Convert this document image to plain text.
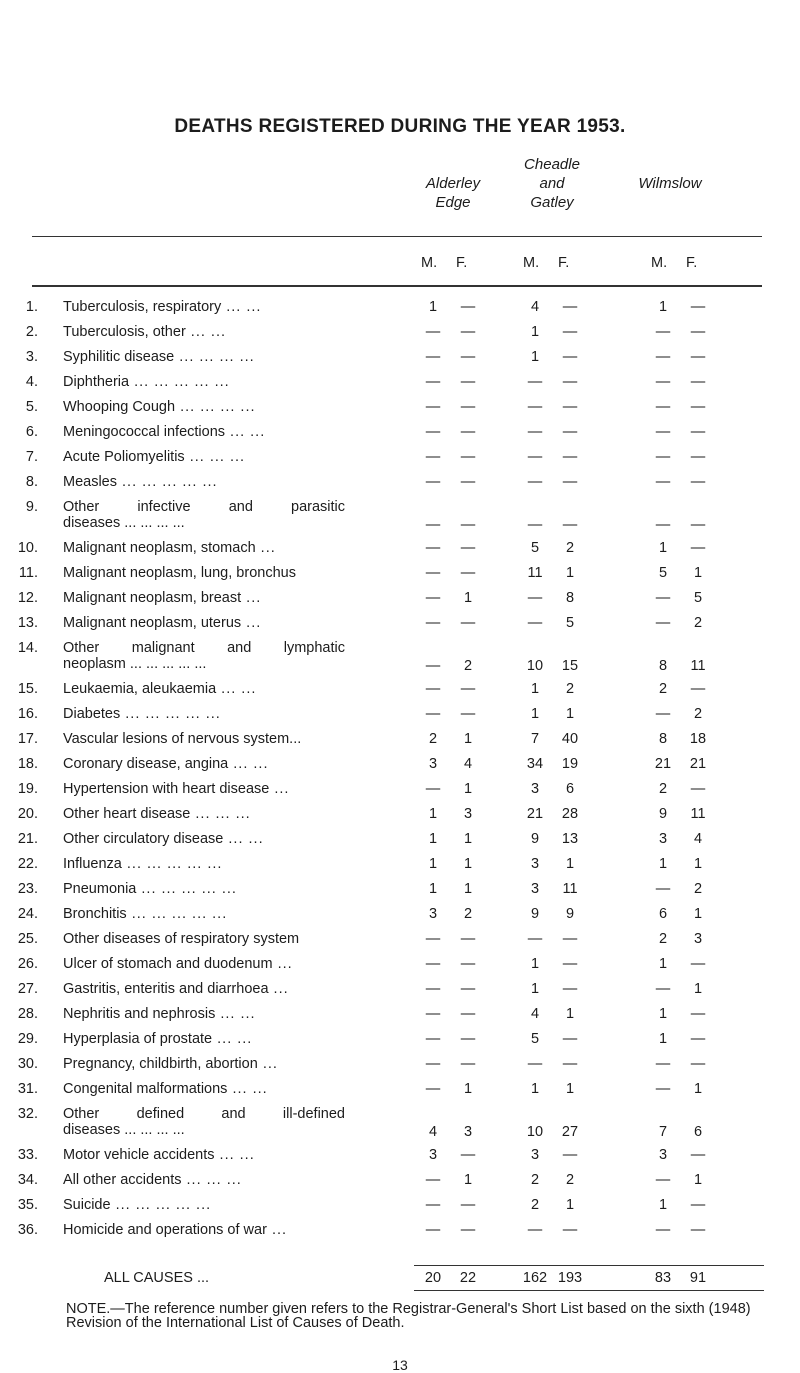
DEATHS REGISTERED DURING THE YEAR 1953.
Alderley
Edge
Cheadle
and
Gatley
Wilmslow
M. F.	M. F.	M. F.
1. Tuberculosis, respiratory ... ...	1	—	4	—	1	—
2. Tuberculosis, other ... ...	— —	1	—	— —
3. Syphilitic disease ... ... ... ...	— —	1	—	— —
4. Diphtheria ... ... ... ... ...	— —	— —	— —
5. Whooping Cough ... ... ... ...	— —	— —	— —
6. Meningococcal infections ... ...	— —	— —	— —
7. Acute Poliomyelitis ... ... ...	— —	— —	— —
8. Measles ... ... ... ... ...	— —	— —	— —
9. Other infective and parasitic
diseases ... ... ... ...	— —	— —	— —
10. Malignant neoplasm, stomach ...	— —	5	2	1	—
11. Malignant neoplasm, lung, bronchus	— —	11	1	5	1
12. Malignant neoplasm, breast ...	—	1	—	8	—	5
13. Malignant neoplasm, uterus ...	— —	—	5	—	2
14. Other malignant and lymphatic
neoplasm ... ... ... ... ...	—	2	10 15	8	11
15. Leukaemia, aleukaemia ... ...	— —	1	2	2	—
16. Diabetes ... ... ... ... ...	— —	1	1	—	2
17. Vascular lesions of nervous system...	2	1	7	40	8	18
18. Coronary disease, angina ... ...	3	4	34 19	21 21
19. Hypertension with heart disease ...	—	1	3	6	2	—
20. Other heart disease ... ... ...	1	3	21 28	9	11
21. Other circulatory disease ... ...	1	1	9	13	3	4
22. Influenza ... ... ... ... ...	1	1	3	1	1	1
23. Pneumonia ... ... ... ... ...	1	1	3	11	—	2
24. Bronchitis ... ... ... ... ...	3	2	9	9	6	1
25. Other diseases of respiratory system	— —	— —	2	3
26. Ulcer of stomach and duodenum ...	— —	1	—	1	—
27. Gastritis, enteritis and diarrhoea ...	— —	1	—	—	1
28. Nephritis and nephrosis ... ...	— —	4	1	1	—
29. Hyperplasia of prostate ... ...	— —	5	—	1	—
30. Pregnancy, childbirth, abortion ...	— —	— —	— —
31. Congenital malformations ... ...	—	1	1	1	—	1
32. Other defined and ill-defined
diseases ... ... ... ...	4	3	10 27	7	6
33. Motor vehicle accidents ... ...	3	—	3	—	3	—
34. All other accidents ... ... ...	—	1	2	2	—	1
35. Suicide ... ... ... ... ...	— —	2	1	1	—
36. Homicide and operations of war ...	— —	— —	— —
ALL CAUSES ...	20 22	162 193	83 91
NOTE.—The reference number given refers to the Registrar-General's Short List based on the sixth (1948) Revision of the International List of Causes of Death.
13
